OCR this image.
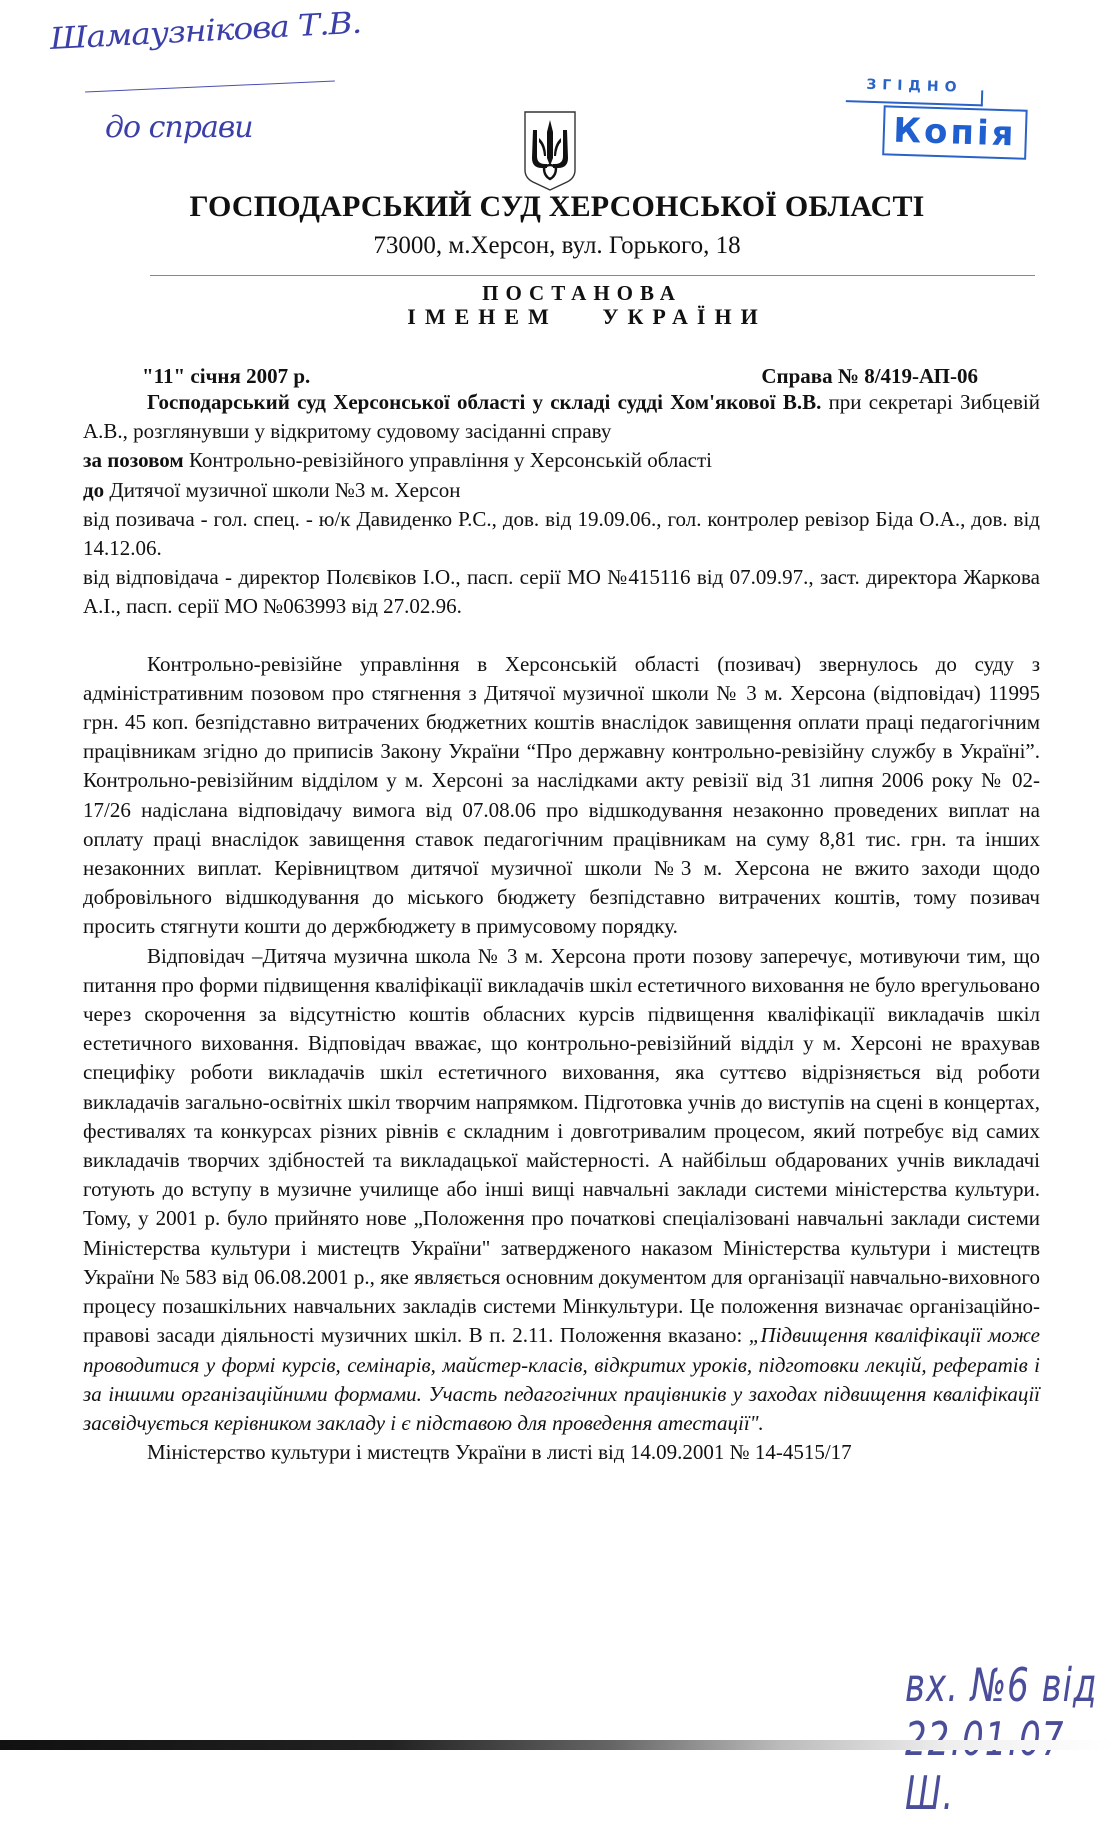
Шамаузнікова Т.В.
до справи
ЗГІДНО
Копія
ГОСПОДАРСЬКИЙ СУД ХЕРСОНСЬКОЇ ОБЛАСТІ
73000, м.Херсон, вул. Горького, 18
ПОСТАНОВА
ІМЕНЕМ УКРАЇНИ
"11" січня 2007 р.	Справа № 8/419-АП-06

Господарський суд Херсонської області у складі судді Хом'якової В.В. при секретарі Зибцевій А.В., розглянувши у відкритому судовому засіданні справу

за позовом Контрольно-ревізійного управління у Херсонській області

до Дитячої музичної школи №3 м. Херсон

від позивача - гол. спец. - ю/к Давиденко Р.С., дов. від 19.09.06., гол. контролер ревізор Біда О.А., дов. від 14.12.06.

від відповідача - директор Полєвіков І.О., пасп. серії МО №415116 від 07.09.97., заст. директора Жаркова А.І., пасп. серії МО №063993 від 27.02.96.

Контрольно-ревізійне управління в Херсонській області (позивач) звернулось до суду з адміністративним позовом про стягнення з Дитячої музичної школи № 3 м. Херсона (відповідач) 11995 грн. 45 коп. безпідставно витрачених бюджетних коштів внаслідок завищення оплати праці педагогічним працівникам згідно до приписів Закону України “Про державну контрольно-ревізійну службу в Україні”. Контрольно-ревізійним відділом у м. Херсоні за наслідками акту ревізії від 31 липня 2006 року № 02-17/26 надіслана відповідачу вимога від 07.08.06 про відшкодування незаконно проведених виплат на оплату праці внаслідок завищення ставок педагогічним працівникам на суму 8,81 тис. грн. та інших незаконних виплат. Керівництвом дитячої музичної школи №3 м. Херсона не вжито заходи щодо добровільного відшкодування до міського бюджету безпідставно витрачених коштів, тому позивач просить стягнути кошти до держбюджету в примусовому порядку.

Відповідач –Дитяча музична школа № 3 м. Херсона проти позову заперечує, мотивуючи тим, що питання про форми підвищення кваліфікації викладачів шкіл естетичного виховання не було врегульовано через скорочення за відсутністю коштів обласних курсів підвищення кваліфікації викладачів шкіл естетичного виховання. Відповідач вважає, що контрольно-ревізійний відділ у м. Херсоні не врахував специфіку роботи викладачів шкіл естетичного виховання, яка суттєво відрізняється від роботи викладачів загально-освітніх шкіл творчим напрямком. Підготовка учнів до виступів на сцені в концертах, фестивалях та конкурсах різних рівнів є складним і довготривалим процесом, який потребує від самих викладачів творчих здібностей та викладацької майстерності. А найбільш обдарованих учнів викладачі готують до вступу в музичне училище або інші вищі навчальні заклади системи міністерства культури. Тому, у 2001 р. було прийнято нове „Положення про початкові спеціалізовані навчальні заклади системи Міністерства культури і мистецтв України" затвердженого наказом Міністерства культури і мистецтв України № 583 від 06.08.2001 р., яке являється основним документом для організації навчально-виховного процесу позашкільних навчальних закладів системи Мінкультури. Це положення визначає організаційно-правові засади діяльності музичних шкіл. В п. 2.11. Положення вказано: „Підвищення кваліфікації може проводитися у формі курсів, семінарів, майстер-класів, відкритих уроків, підготовки лекцій, рефератів і за іншими організаційними формами. Участь педагогічних працівників у заходах підвищення кваліфікації засвідчується керівником закладу і є підставою для проведення атестації".

Міністерство культури і мистецтв України в листі від 14.09.2001 № 14-4515/17

вх. №6 від Ш.
